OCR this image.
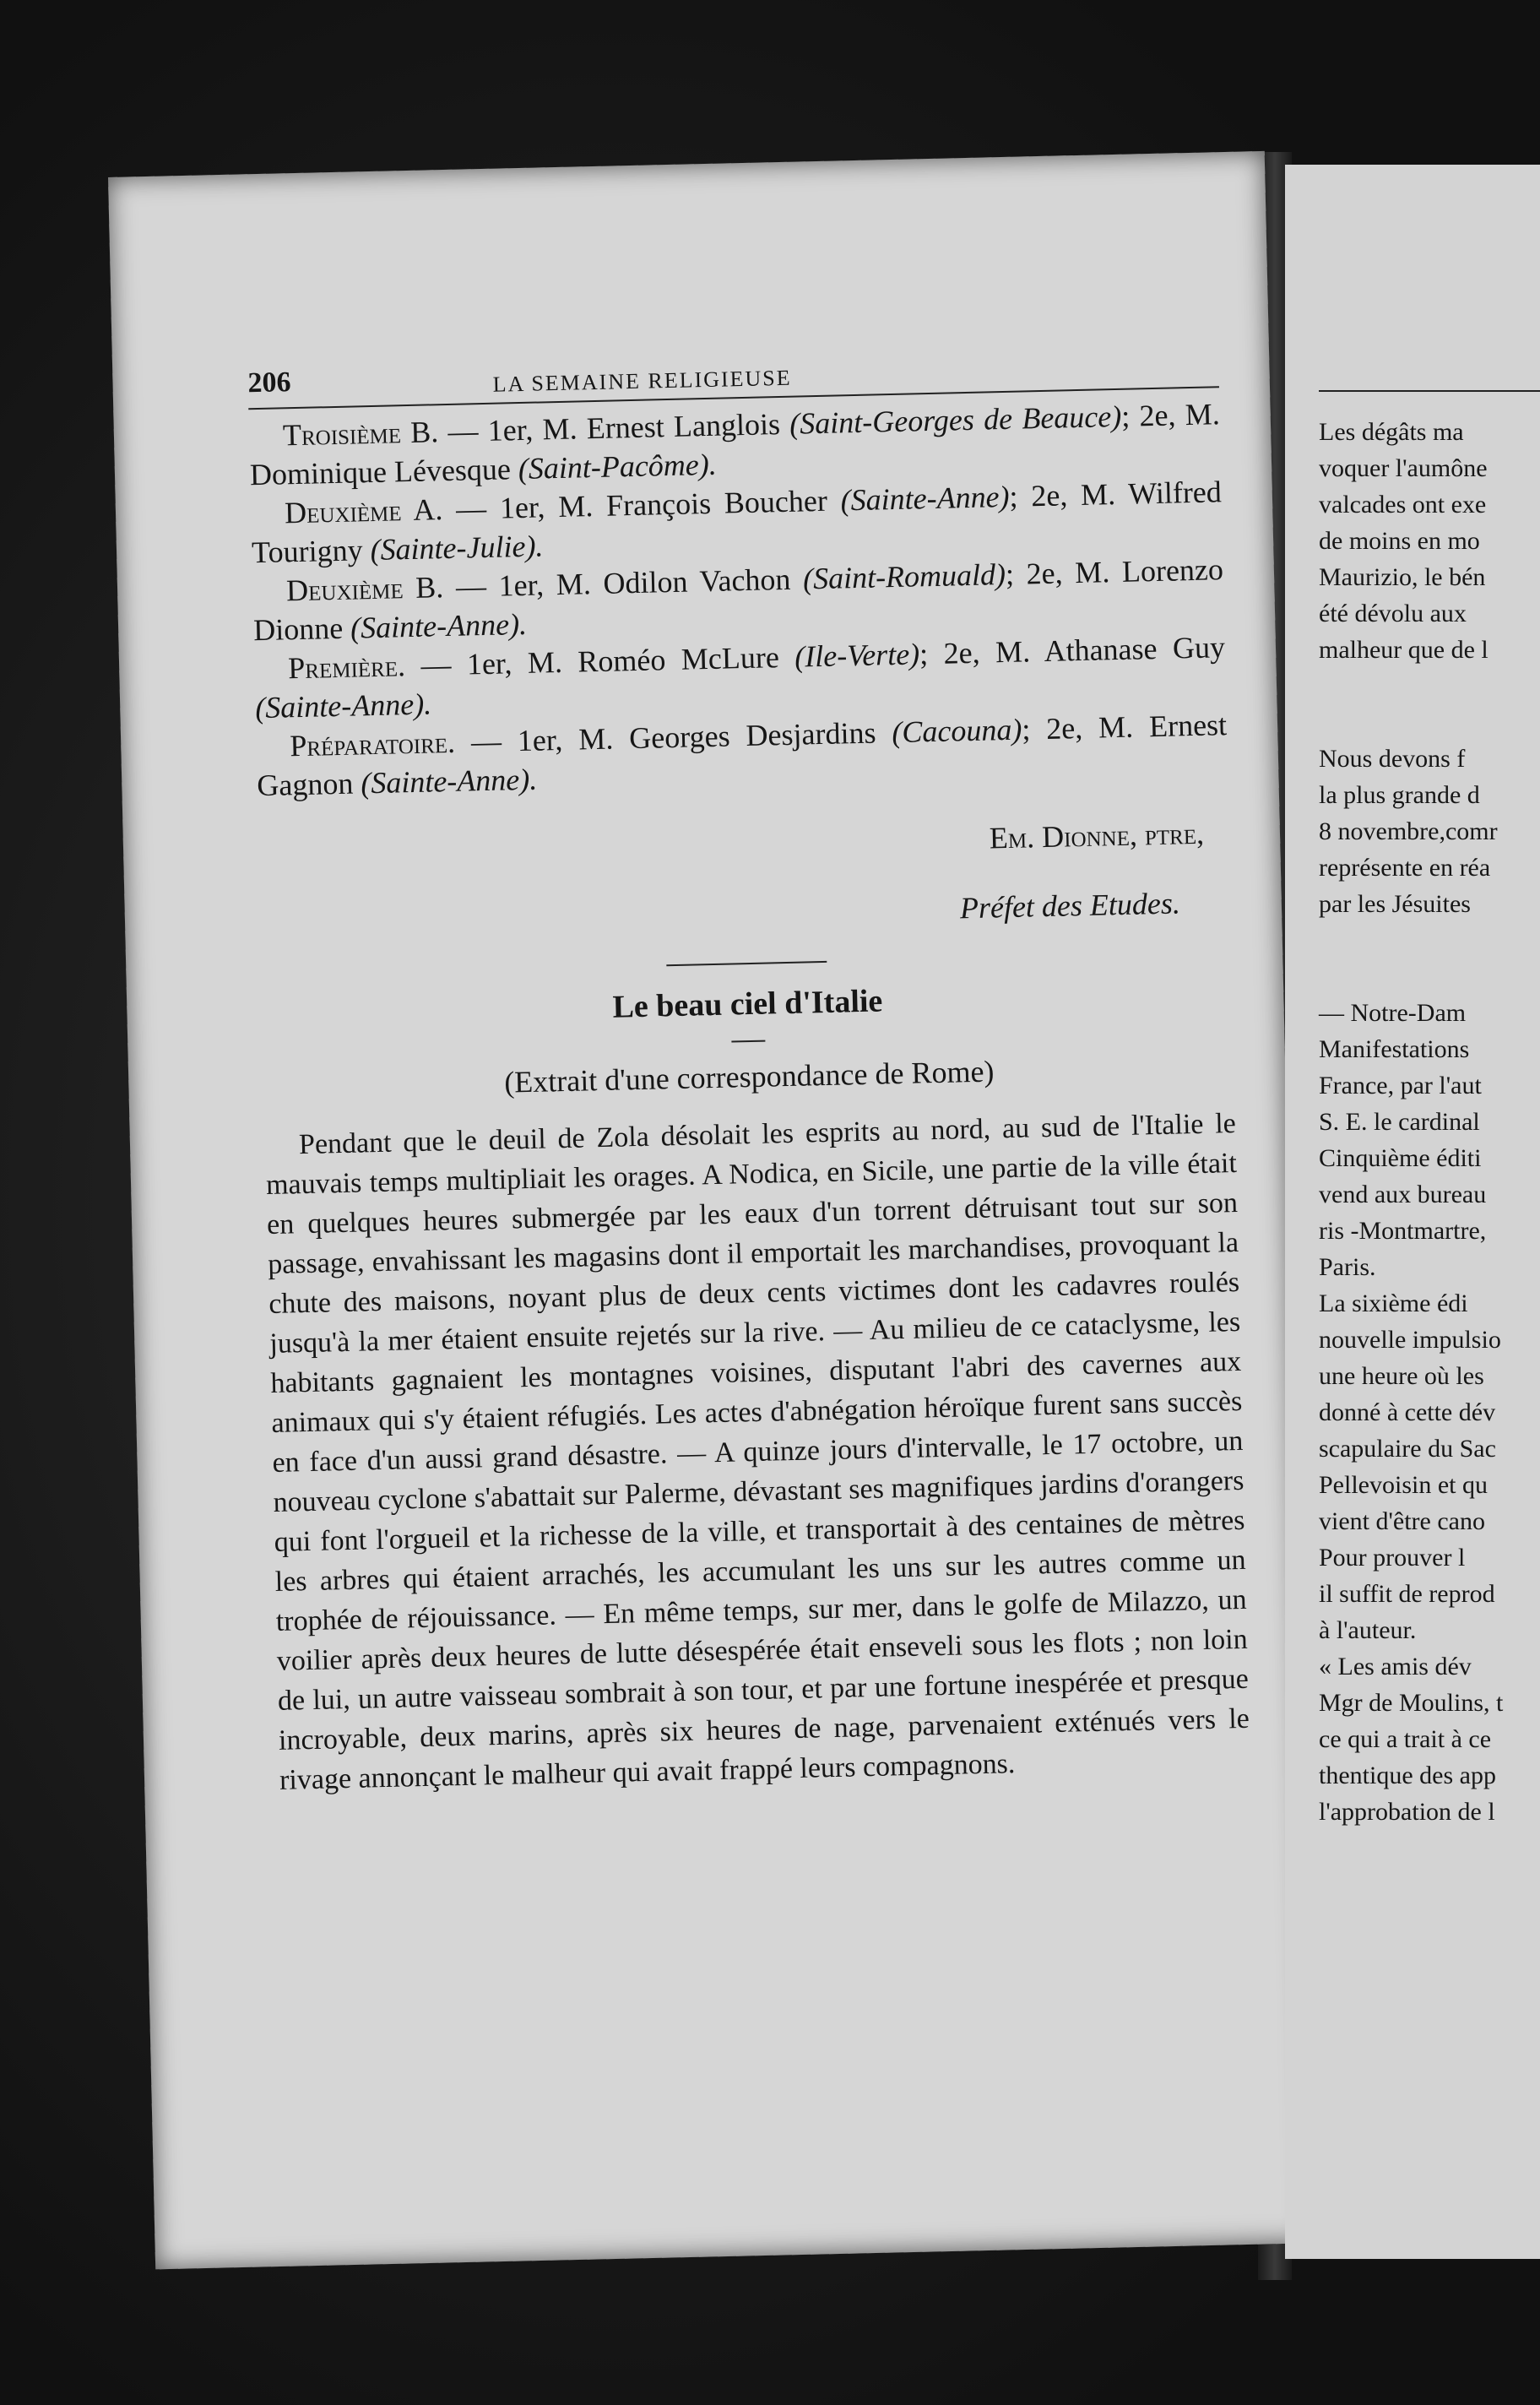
206	LA SEMAINE RELIGIEUSE

Troisième B. — 1er, M. Ernest Langlois (Saint-Georges de Beauce); 2e, M. Dominique Lévesque (Saint-Pacôme).

Deuxième A. — 1er, M. François Boucher (Sainte-Anne); 2e, M. Wilfred Tourigny (Sainte-Julie).

Deuxième B. — 1er, M. Odilon Vachon (Saint-Romuald); 2e, M. Lorenzo Dionne (Sainte-Anne).

Première. — 1er, M. Roméo McLure (Ile-Verte); 2e, M. Athanase Guy (Sainte-Anne).

Préparatoire. — 1er, M. Georges Desjardins (Cacouna); 2e, M. Ernest Gagnon (Sainte-Anne).

Em. Dionne, ptre,

Préfet des Etudes.

Le beau ciel d'Italie

(Extrait d'une correspondance de Rome)

Pendant que le deuil de Zola désolait les esprits au nord, au sud de l'Italie le mauvais temps multipliait les orages. A Nodica, en Sicile, une partie de la ville était en quelques heures submergée par les eaux d'un torrent détruisant tout sur son passage, envahissant les magasins dont il emportait les marchandises, provoquant la chute des maisons, noyant plus de deux cents victimes dont les cadavres roulés jusqu'à la mer étaient ensuite rejetés sur la rive. — Au milieu de ce cataclysme, les habitants gagnaient les montagnes voisines, disputant l'abri des cavernes aux animaux qui s'y étaient réfugiés. Les actes d'abnégation héroïque furent sans succès en face d'un aussi grand désastre. — A quinze jours d'intervalle, le 17 octobre, un nouveau cyclone s'abattait sur Palerme, dévastant ses magnifiques jardins d'orangers qui font l'orgueil et la richesse de la ville, et transportait à des centaines de mètres les arbres qui étaient arrachés, les accumulant les uns sur les autres comme un trophée de réjouissance. — En même temps, sur mer, dans le golfe de Milazzo, un voilier après deux heures de lutte désespérée était enseveli sous les flots ; non loin de lui, un autre vaisseau sombrait à son tour, et par une fortune inespérée et presque incroyable, deux marins, après six heures de nage, parvenaient exténués vers le rivage annonçant le malheur qui avait frappé leurs compagnons.

Les dégâts ma

voquer l'aumône

valcades ont exe

de moins en mo

Maurizio, le bén

été dévolu aux

malheur que de l

Nous devons f

la plus grande d

8 novembre,comr

représente en réa

par les Jésuites

— Notre-Dam

Manifestations

France, par l'aut

S. E. le cardinal

Cinquième éditi

vend aux bureau

ris -Montmartre,

Paris.

La sixième édi

nouvelle impulsio

une heure où les

donné à cette dév

scapulaire du Sac

Pellevoisin et qu

vient d'être cano

Pour prouver l

il suffit de reprod

à l'auteur.

« Les amis dév

Mgr de Moulins, t

ce qui a trait à ce

thentique des app

l'approbation de l
